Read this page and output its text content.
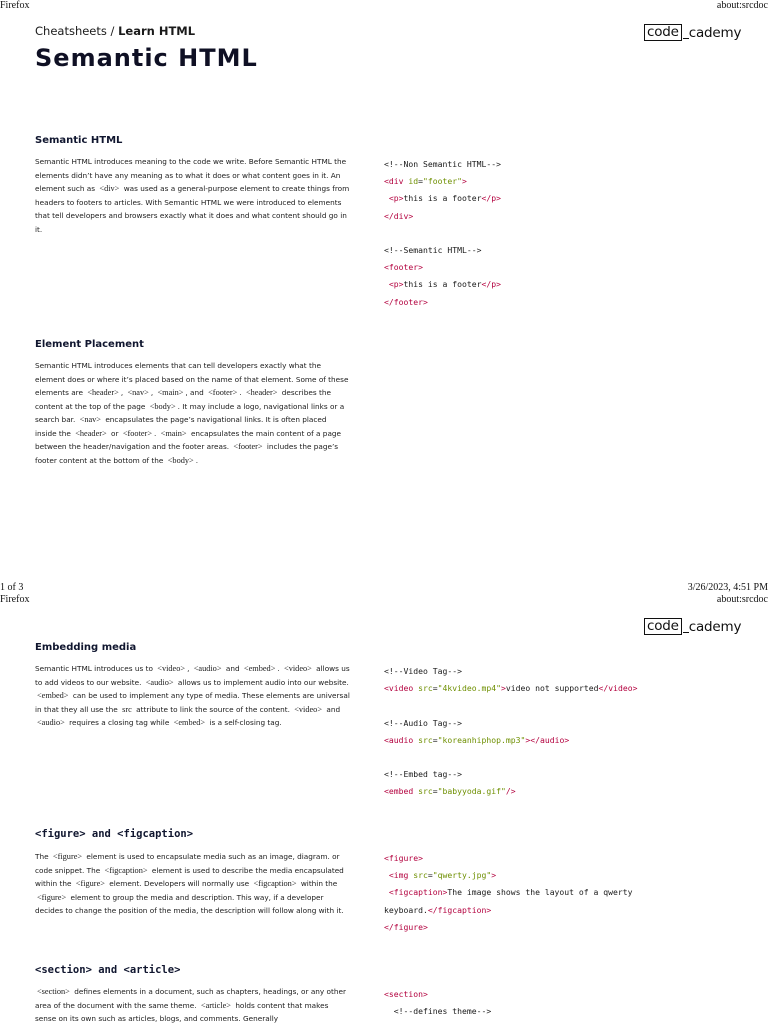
Firefox	about:srcdoc
code cademy
Cheatsheets / Learn HTML
Semantic HTML
Semantic HTML
Semantic HTML introduces meaning to the code we write. Before Semantic HTML the elements didn’t have any meaning as to what it does or what content goes in it. An element such as <div> was used as a general-purpose element to create things from headers to footers to articles. With Semantic HTML we were introduced to elements that tell developers and browsers exactly what it does and what content should go in it.
<!--Non Semantic HTML-->
<div id="footer">
<p>this is a footer</p>
</div>

<!--Semantic HTML-->
<footer>
<p>this is a footer</p>
</footer>
Element Placement
Semantic HTML introduces elements that can tell developers exactly what the element does or where it’s placed based on the name of that element. Some of these elements are <header> , <nav> , <main> , and <footer> . <header> describes the content at the top of the page <body> . It may include a logo, navigational links or a search bar. <nav> encapsulates the page’s navigational links. It is often placed inside the <header> or <footer> . <main> encapsulates the main content of a page between the header/navigation and the footer areas. <footer> includes the page’s footer content at the bottom of the <body> .
1 of 3	3/26/2023, 4:51 PM
Firefox	about:srcdoc
code cademy
Embedding media
Semantic HTML introduces us to <video> , <audio> and <embed> . <video> allows us to add videos to our website. <audio> allows us to implement audio into our website. <embed> can be used to implement any type of media. These elements are universal in that they all use the src attribute to link the source of the content. <video> and <audio> requires a closing tag while <embed> is a self-closing tag.
<!--Video Tag-->
<video src="4kvideo.mp4">video not supported</video>

<!--Audio Tag-->
<audio src="koreanhiphop.mp3"></audio>

<!--Embed tag-->
<embed src="babyyoda.gif"/>
<figure> and <figcaption>
The <figure> element is used to encapsulate media such as an image, diagram. or code snippet. The <figcaption> element is used to describe the media encapsulated within the <figure> element. Developers will normally use <figcaption> within the <figure> element to group the media and description. This way, if a developer decides to change the position of the media, the description will follow along with it.
<figure>
<img src="qwerty.jpg">
<figcaption>The image shows the layout of a qwerty
keyboard.</figcaption>
</figure>
<section> and <article>
<section> defines elements in a document, such as chapters, headings, or any other area of the document with the same theme. <article> holds content that makes sense on its own such as articles, blogs, and comments. Generally
<section>
<!--defines theme-->
